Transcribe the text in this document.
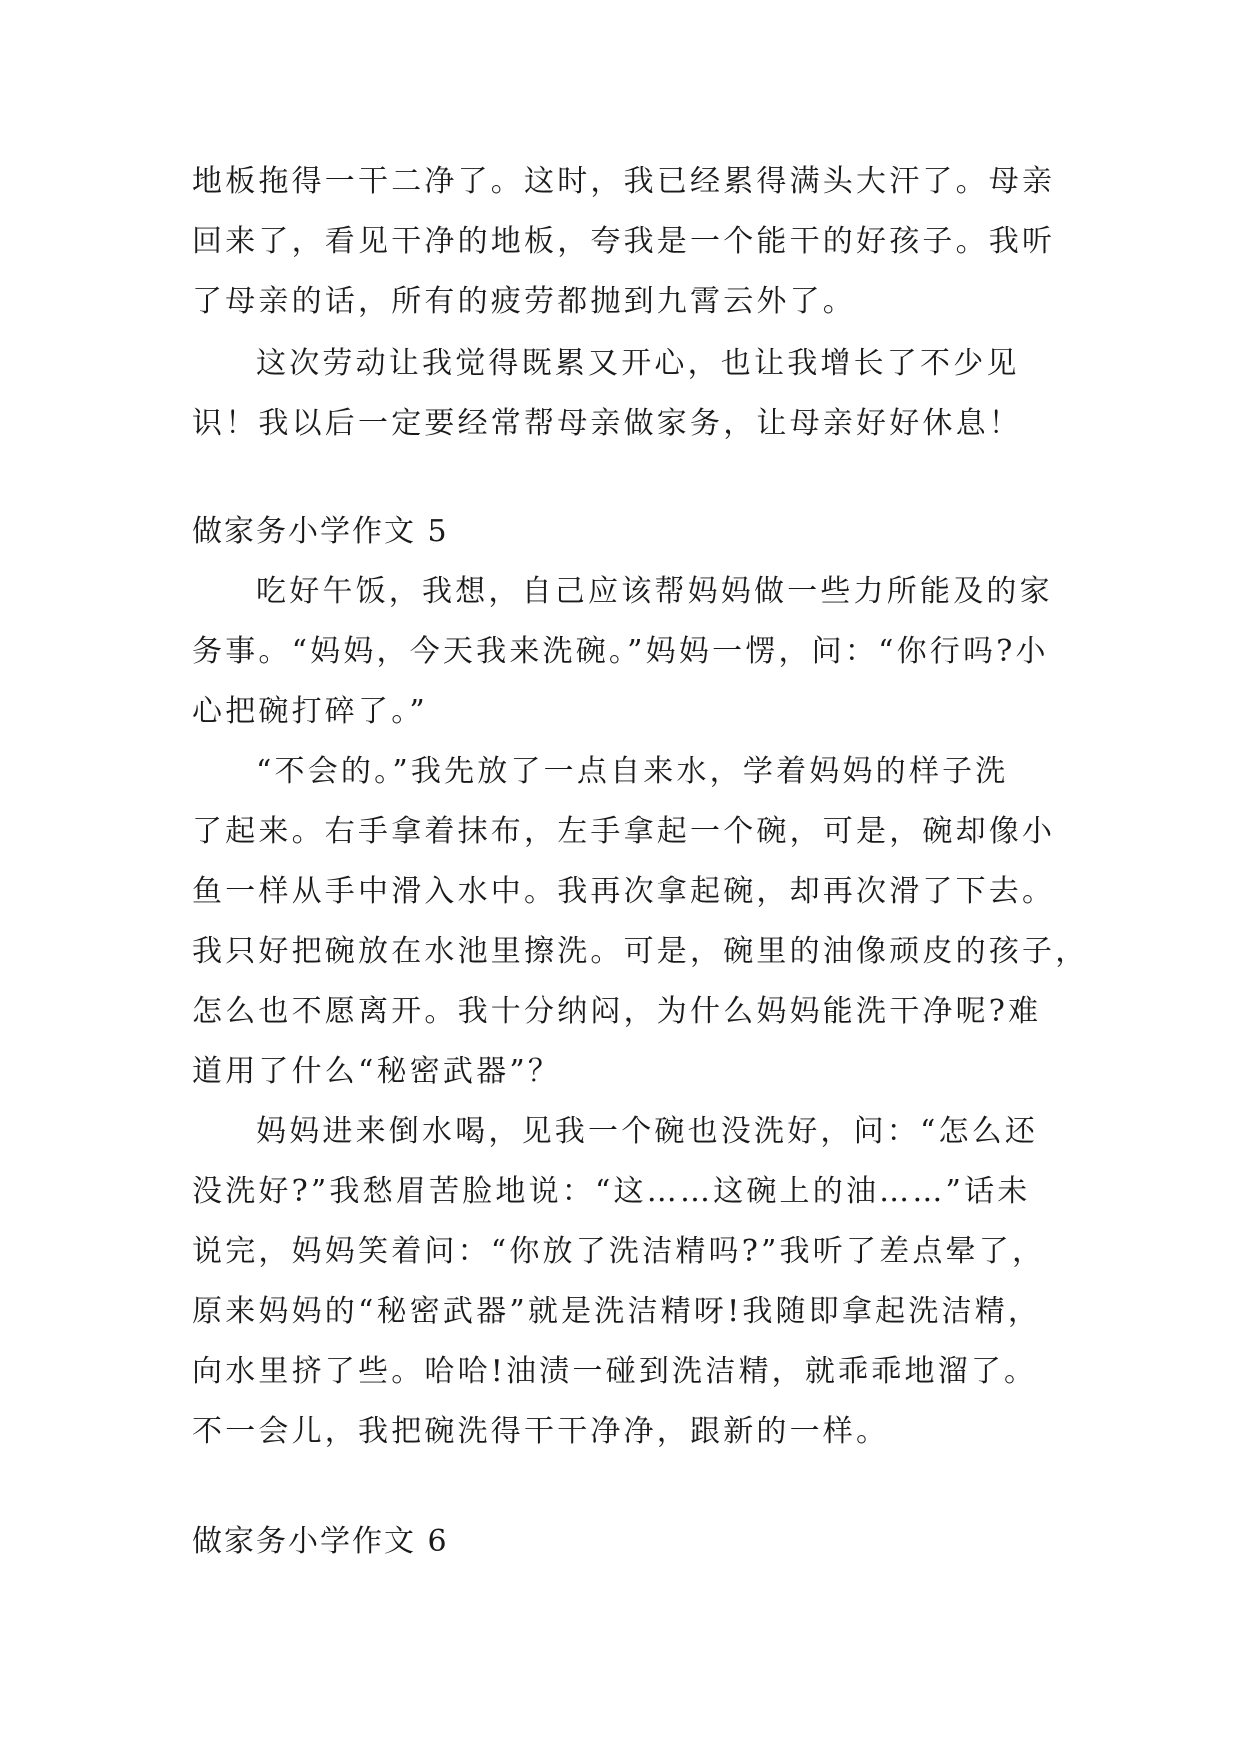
地板拖得一干二净了。这时，我已经累得满头大汗了。母亲
回来了，看见干净的地板，夸我是一个能干的好孩子。我听
了母亲的话，所有的疲劳都抛到九霄云外了。
这次劳动让我觉得既累又开心，也让我增长了不少见
识！我以后一定要经常帮母亲做家务，让母亲好好休息！
做家务小学作文 5
吃好午饭，我想，自己应该帮妈妈做一些力所能及的家
务事。“妈妈，今天我来洗碗。”妈妈一愣，问：“你行吗?小
心把碗打碎了。”
“不会的。”我先放了一点自来水，学着妈妈的样子洗
了起来。右手拿着抹布，左手拿起一个碗，可是，碗却像小
鱼一样从手中滑入水中。我再次拿起碗，却再次滑了下去。
我只好把碗放在水池里擦洗。可是，碗里的油像顽皮的孩子，
怎么也不愿离开。我十分纳闷，为什么妈妈能洗干净呢?难
道用了什么“秘密武器”？
妈妈进来倒水喝，见我一个碗也没洗好，问：“怎么还
没洗好?”我愁眉苦脸地说：“这……这碗上的油……”话未
说完，妈妈笑着问：“你放了洗洁精吗?”我听了差点晕了，
原来妈妈的“秘密武器”就是洗洁精呀!我随即拿起洗洁精，
向水里挤了些。哈哈!油渍一碰到洗洁精，就乖乖地溜了。
不一会儿，我把碗洗得干干净净，跟新的一样。
做家务小学作文 6
